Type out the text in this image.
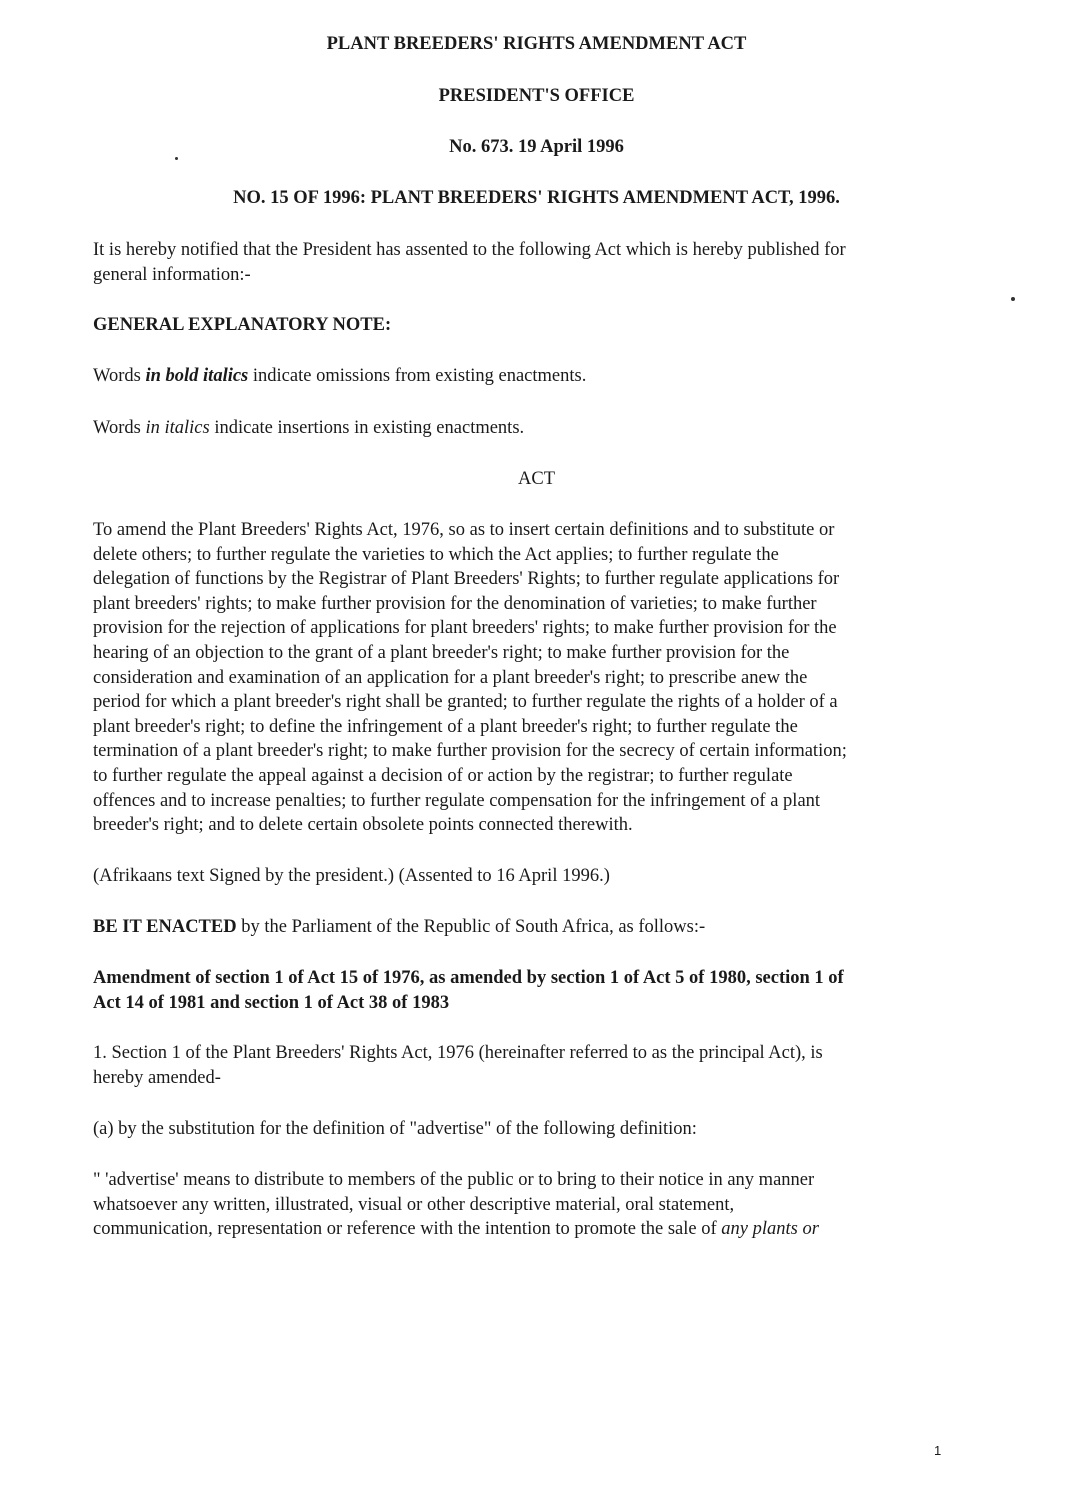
PLANT BREEDERS' RIGHTS AMENDMENT ACT
PRESIDENT'S OFFICE
No. 673. 19 April 1996
NO. 15 OF 1996: PLANT BREEDERS' RIGHTS AMENDMENT ACT, 1996.
It is hereby notified that the President has assented to the following Act which is hereby published for
general information:-
GENERAL EXPLANATORY NOTE:
Words in bold italics indicate omissions from existing enactments.
Words in italics indicate insertions in existing enactments.
ACT
To amend the Plant Breeders' Rights Act, 1976, so as to insert certain definitions and to substitute or
delete others; to further regulate the varieties to which the Act applies; to further regulate the
delegation of functions by the Registrar of Plant Breeders' Rights; to further regulate applications for
plant breeders' rights; to make further provision for the denomination of varieties; to make further
provision for the rejection of applications for plant breeders' rights; to make further provision for the
hearing of an objection to the grant of a plant breeder's right; to make further provision for the
consideration and examination of an application for a plant breeder's right; to prescribe anew the
period for which a plant breeder's right shall be granted; to further regulate the rights of a holder of a
plant breeder's right; to define the infringement of a plant breeder's right; to further regulate the
termination of a plant breeder's right; to make further provision for the secrecy of certain information;
to further regulate the appeal against a decision of or action by the registrar; to further regulate
offences and to increase penalties; to further regulate compensation for the infringement of a plant
breeder's right; and to delete certain obsolete points connected therewith.
(Afrikaans text Signed by the president.) (Assented to 16 April 1996.)
BE IT ENACTED by the Parliament of the Republic of South Africa, as follows:-
Amendment of section 1 of Act 15 of 1976, as amended by section 1 of Act 5 of 1980, section 1 of
Act 14 of 1981 and section 1 of Act 38 of 1983
1. Section 1 of the Plant Breeders' Rights Act, 1976 (hereinafter referred to as the principal Act), is
hereby amended-
(a) by the substitution for the definition of "advertise" of the following definition:
" 'advertise' means to distribute to members of the public or to bring to their notice in any manner
whatsoever any written, illustrated, visual or other descriptive material, oral statement,
communication, representation or reference with the intention to promote the sale of any plants or
1
